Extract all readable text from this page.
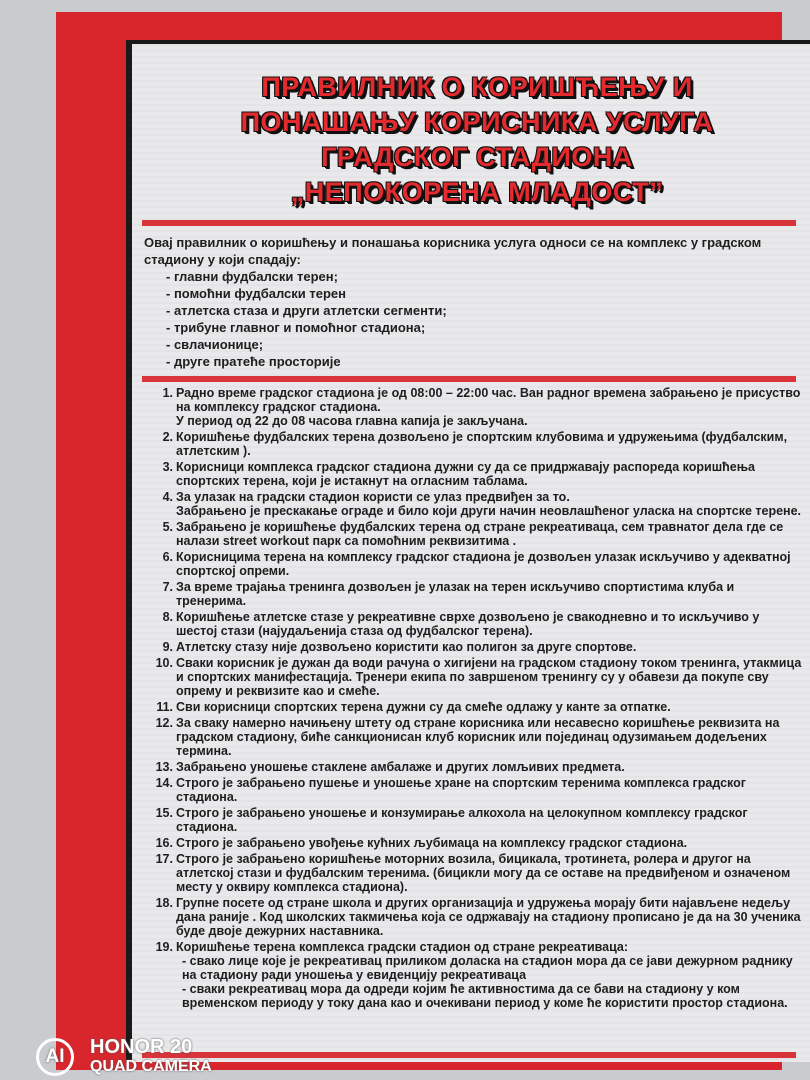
ПРАВИЛНИК О КОРИШЋЕЊУ И
ПОНАШАЊУ КОРИСНИКА УСЛУГА
ГРАДСКОГ СТАДИОНА
„НЕПОКОРЕНА МЛАДОСТ”
Овај правилник о коришћењу и понашања корисника услуга односи се на комплекс у градском стадиону у који спадају:
- главни фудбалски терен;
- помоћни фудбалски терен
- атлетска стаза и други атлетски сегменти;
- трибуне главног и помоћног стадиона;
- свлачионице;
- друге пратеће просторије
1. Радно време градског стадиона је од 08:00 – 22:00 час. Ван радног времена забрањено је присуство на комплексу градског стадиона.
У период од 22 до 08 часова главна капија је закључана.
2. Коришћење фудбалских терена дозвољено је спортским клубовима и удружењима (фудбалским, атлетским ).
3. Корисници комплекса градског стадиона дужни су да се придржавају распореда коришћења спортских терена, који је истакнут на огласним таблама.
4. За улазак на градски стадион користи се улаз предвиђен за то.
Забрањено је прескакање ограде и било који други начин неовлашћеног уласка на спортске терене.
5. Забрањено је коришћење фудбалских терена од стране рекреативаца, сем травнатог дела где се налази street workout парк са помоћним реквизитима .
6. Корисницима терена на комплексу градског стадиона је дозвољен улазак искључиво у адекватној спортској опреми.
7. За време трајања тренинга дозвољен је улазак на терен искључиво спортистима клуба и тренерима.
8. Коришћење атлетске стазе у рекреативне сврхе дозвољено је свакодневно и то искључиво у шестој стази (најудаљенија стаза од фудбалског терена).
9. Атлетску стазу није дозвољено користити као полигон за друге спортове.
10. Сваки корисник је дужан да води рачуна о хигијени на градском стадиону током тренинга, утакмица и спортских манифестација. Тренери екипа по завршеном тренингу су у обавези да покупе сву опрему и реквизите као и смеће.
11. Сви корисници спортских терена дужни су да смеће одлажу у канте за отпатке.
12. За сваку намерно начињену штету од стране корисника или несавесно коришћење реквизита на градском стадиону, биће санкционисан клуб корисник или појединац одузимањем додељених термина.
13. Забрањено уношење стаклене амбалаже и других ломљивих предмета.
14. Строго је забрањено пушење и уношење хране на спортским теренима комплекса градског стадиона.
15. Строго је забрањено уношење и конзумирање алкохола на целокупном комплексу градског стадиона.
16. Строго је забрањено увођење кућних љубимаца на комплексу градског стадиона.
17. Строго је забрањено коришћење моторних возила, бицикала, тротинета, ролера и другог на атлетској стази и фудбалским теренима. (бицикли могу да се оставе на предвиђеном и означеном месту у оквиру комплекса стадиона).
18. Групне посете од стране школа и других организација и удружења морају бити најављене недељу дана раније . Код школских такмичења која се одржавају на стадиону прописано је да на 30 ученика буде двоје дежурних наставника.
19. Коришћење терена комплекса градски стадион од стране рекреативаца:
- свако лице које је рекреативац приликом доласка на стадион мора да се јави дежурном раднику на стадиону ради уношења у евиденцију рекреативаца
- сваки рекреативац мора да одреди којим ће активностима да се бави на стадиону у ком временском периоду у току дана као и очекивани период у коме ће користити простор стадиона.
AI	HONOR 20
QUAD CAMERA
